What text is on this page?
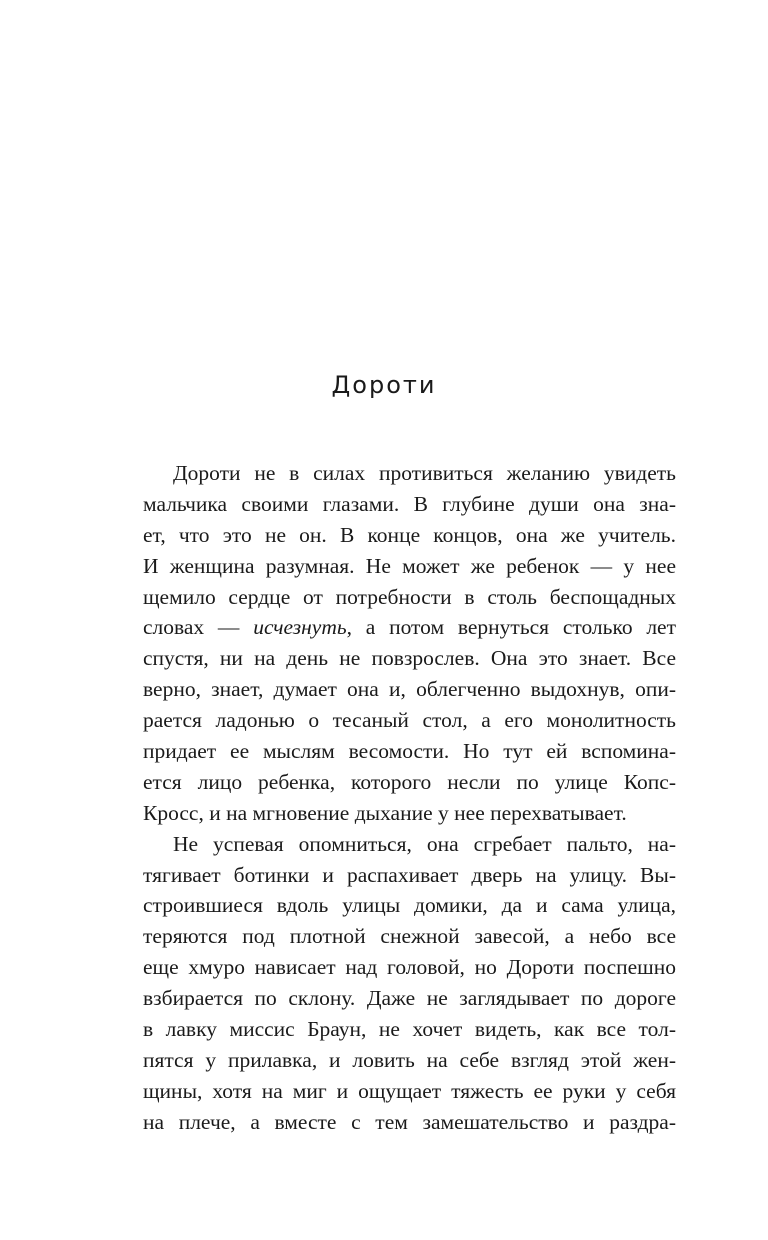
Дороти
Дороти не в силах противиться желанию увидеть
мальчика своими глазами. В глубине души она зна-
ет, что это не он. В конце концов, она же учитель.
И женщина разумная. Не может же ребенок — у нее
щемило сердце от потребности в столь беспощадных
словах — исчезнуть, а потом вернуться столько лет
спустя, ни на день не повзрослев. Она это знает. Все
верно, знает, думает она и, облегченно выдохнув, опи-
рается ладонью о тесаный стол, а его монолитность
придает ее мыслям весомости. Но тут ей вспомина-
ется лицо ребенка, которого несли по улице Копс-
Кросс, и на мгновение дыхание у нее перехватывает.
Не успевая опомниться, она сгребает пальто, на-
тягивает ботинки и распахивает дверь на улицу. Вы-
строившиеся вдоль улицы домики, да и сама улица,
теряются под плотной снежной завесой, а небо все
еще хмуро нависает над головой, но Дороти поспешно
взбирается по склону. Даже не заглядывает по дороге
в лавку миссис Браун, не хочет видеть, как все тол-
пятся у прилавка, и ловить на себе взгляд этой жен-
щины, хотя на миг и ощущает тяжесть ее руки у себя
на плече, а вместе с тем замешательство и раздра-
